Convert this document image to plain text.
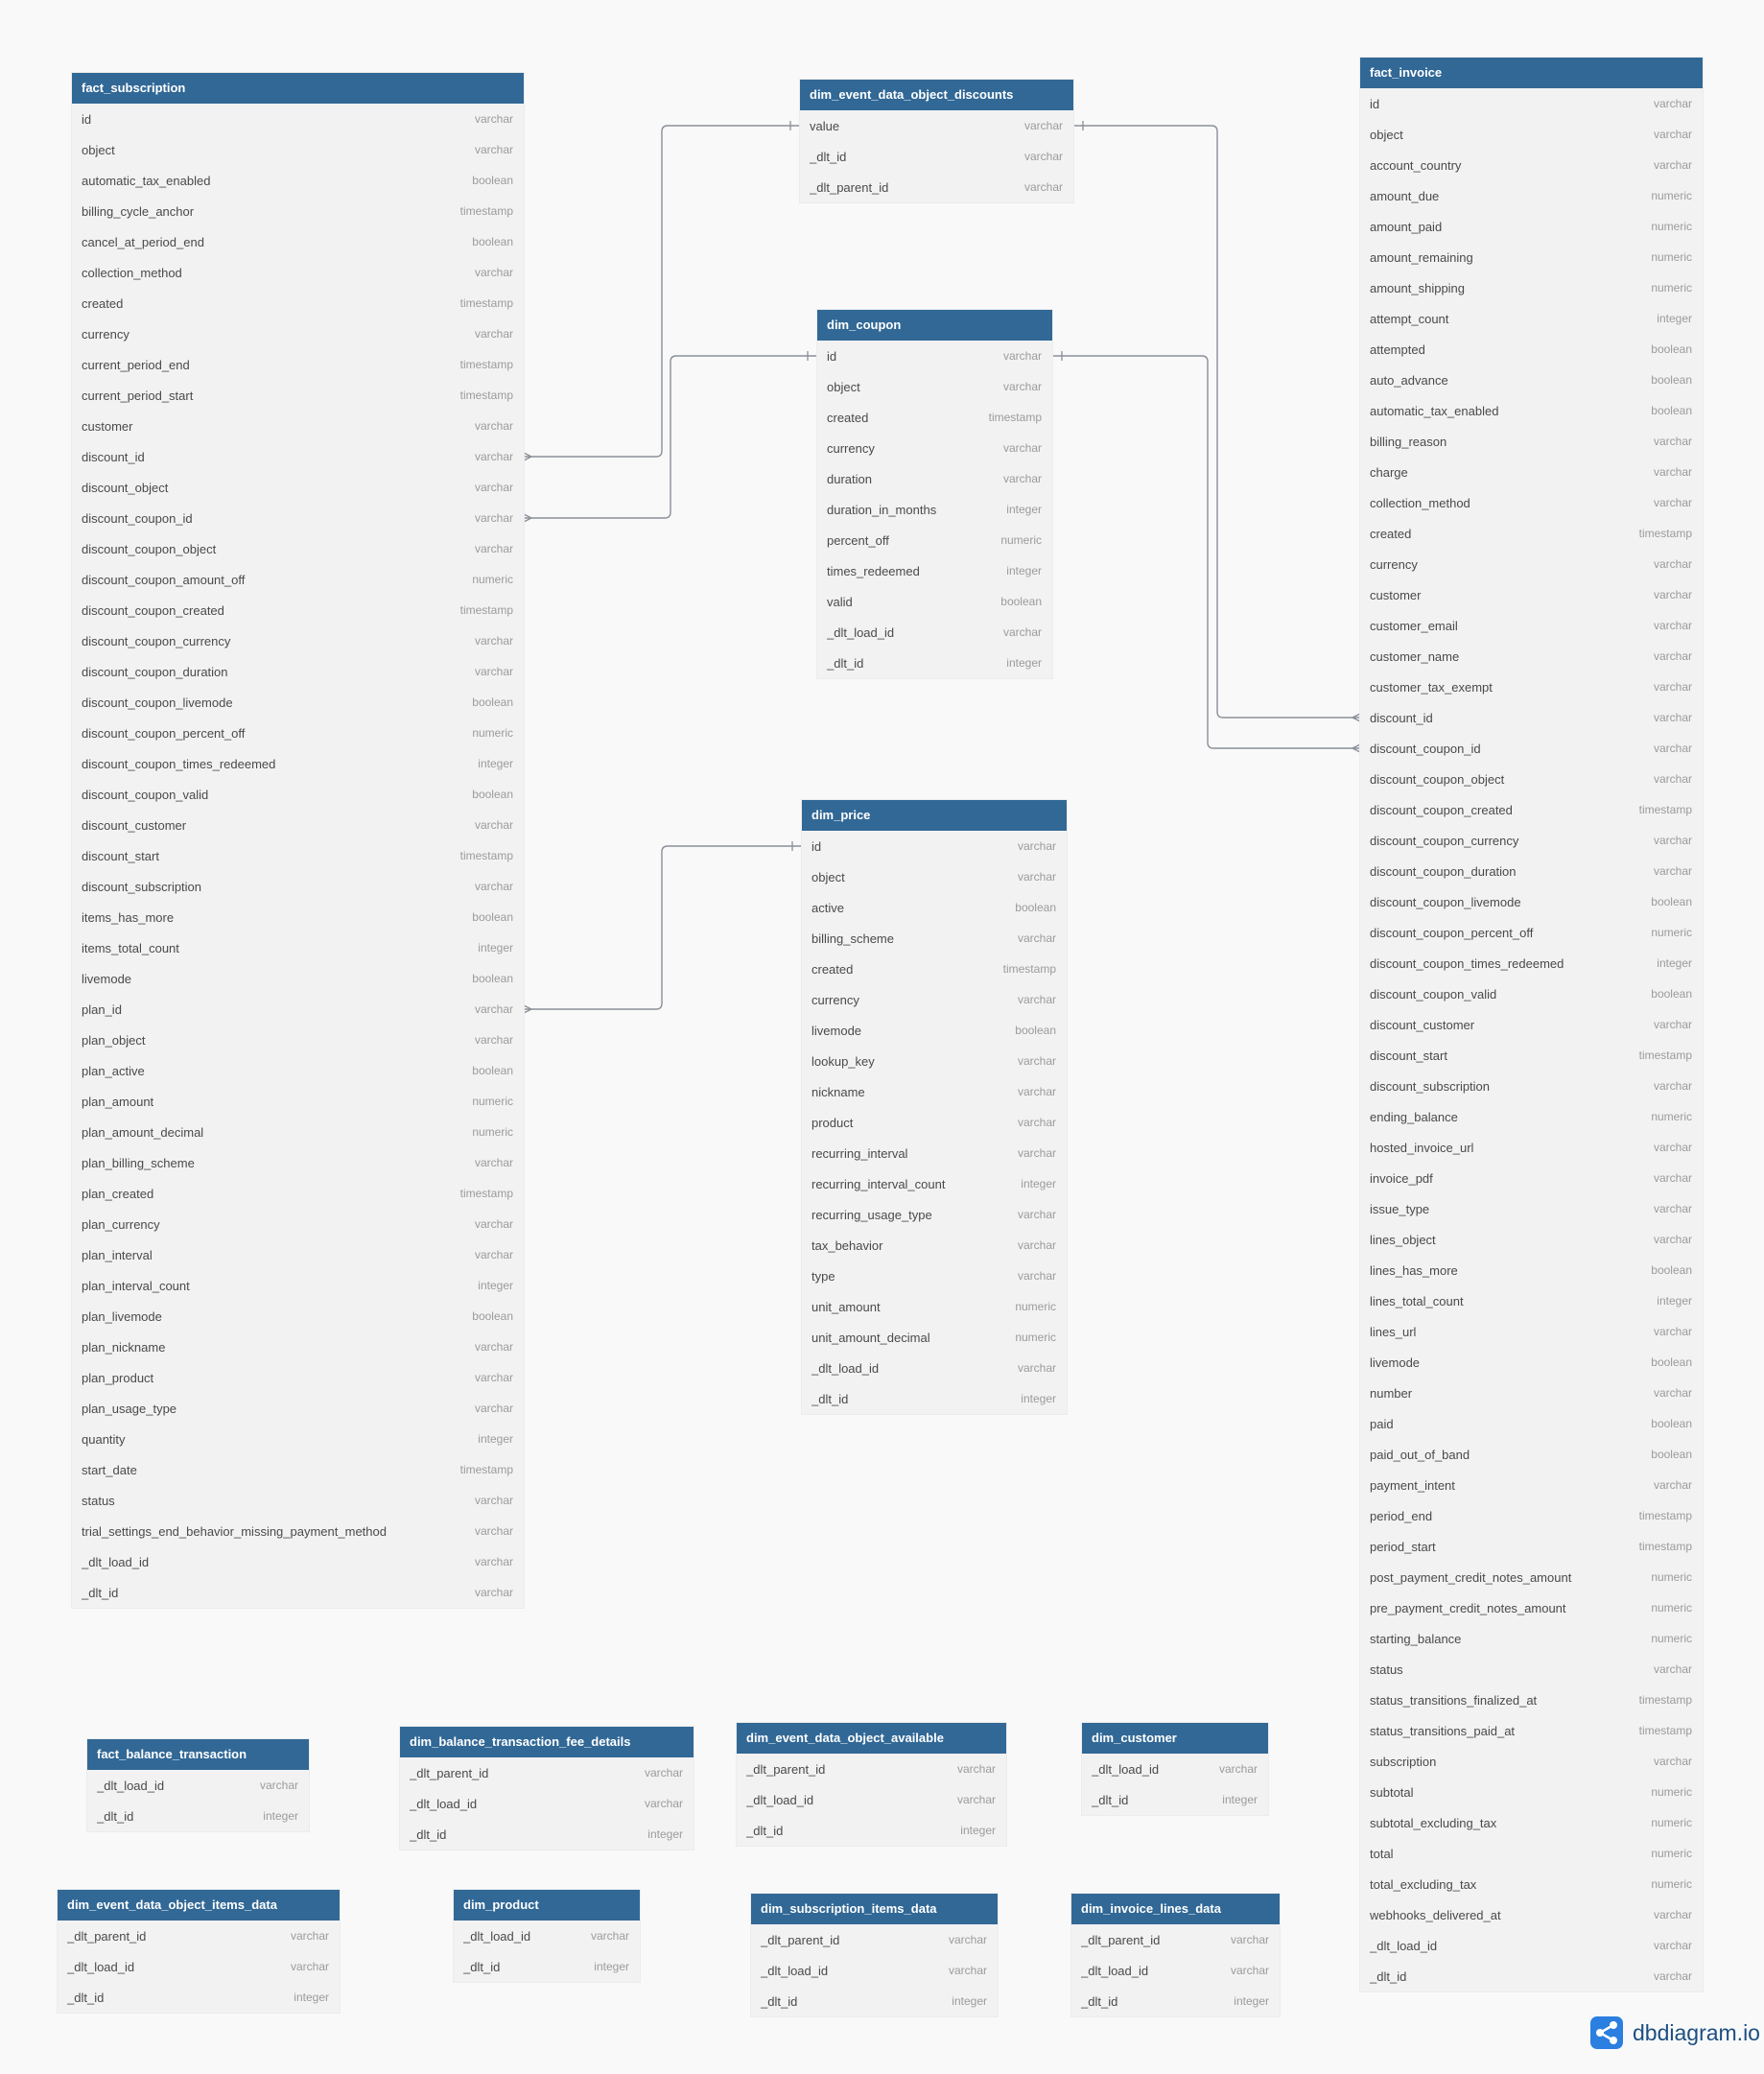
fact_subscription
id	varchar
object	varchar
automatic_tax_enabled	boolean
billing_cycle_anchor	timestamp
cancel_at_period_end	boolean
collection_method	varchar
created	timestamp
currency	varchar
current_period_end	timestamp
current_period_start	timestamp
customer	varchar
discount_id	varchar
discount_object	varchar
discount_coupon_id	varchar
discount_coupon_object	varchar
discount_coupon_amount_off	numeric
discount_coupon_created	timestamp
discount_coupon_currency	varchar
discount_coupon_duration	varchar
discount_coupon_livemode	boolean
discount_coupon_percent_off	numeric
discount_coupon_times_redeemed	integer
discount_coupon_valid	boolean
discount_customer	varchar
discount_start	timestamp
discount_subscription	varchar
items_has_more	boolean
items_total_count	integer
livemode	boolean
plan_id	varchar
plan_object	varchar
plan_active	boolean
plan_amount	numeric
plan_amount_decimal	numeric
plan_billing_scheme	varchar
plan_created	timestamp
plan_currency	varchar
plan_interval	varchar
plan_interval_count	integer
plan_livemode	boolean
plan_nickname	varchar
plan_product	varchar
plan_usage_type	varchar
quantity	integer
start_date	timestamp
status	varchar
trial_settings_end_behavior_missing_payment_method	varchar
_dlt_load_id	varchar
_dlt_id	varchar
dim_event_data_object_discounts
value	varchar
_dlt_id	varchar
_dlt_parent_id	varchar
dim_coupon
id	varchar
object	varchar
created	timestamp
currency	varchar
duration	varchar
duration_in_months	integer
percent_off	numeric
times_redeemed	integer
valid	boolean
_dlt_load_id	varchar
_dlt_id	integer
dim_price
id	varchar
object	varchar
active	boolean
billing_scheme	varchar
created	timestamp
currency	varchar
livemode	boolean
lookup_key	varchar
nickname	varchar
product	varchar
recurring_interval	varchar
recurring_interval_count	integer
recurring_usage_type	varchar
tax_behavior	varchar
type	varchar
unit_amount	numeric
unit_amount_decimal	numeric
_dlt_load_id	varchar
_dlt_id	integer
fact_invoice
id	varchar
object	varchar
account_country	varchar
amount_due	numeric
amount_paid	numeric
amount_remaining	numeric
amount_shipping	numeric
attempt_count	integer
attempted	boolean
auto_advance	boolean
automatic_tax_enabled	boolean
billing_reason	varchar
charge	varchar
collection_method	varchar
created	timestamp
currency	varchar
customer	varchar
customer_email	varchar
customer_name	varchar
customer_tax_exempt	varchar
discount_id	varchar
discount_coupon_id	varchar
discount_coupon_object	varchar
discount_coupon_created	timestamp
discount_coupon_currency	varchar
discount_coupon_duration	varchar
discount_coupon_livemode	boolean
discount_coupon_percent_off	numeric
discount_coupon_times_redeemed	integer
discount_coupon_valid	boolean
discount_customer	varchar
discount_start	timestamp
discount_subscription	varchar
ending_balance	numeric
hosted_invoice_url	varchar
invoice_pdf	varchar
issue_type	varchar
lines_object	varchar
lines_has_more	boolean
lines_total_count	integer
lines_url	varchar
livemode	boolean
number	varchar
paid	boolean
paid_out_of_band	boolean
payment_intent	varchar
period_end	timestamp
period_start	timestamp
post_payment_credit_notes_amount	numeric
pre_payment_credit_notes_amount	numeric
starting_balance	numeric
status	varchar
status_transitions_finalized_at	timestamp
status_transitions_paid_at	timestamp
subscription	varchar
subtotal	numeric
subtotal_excluding_tax	numeric
total	numeric
total_excluding_tax	numeric
webhooks_delivered_at	varchar
_dlt_load_id	varchar
_dlt_id	varchar
fact_balance_transaction
_dlt_load_id	varchar
_dlt_id	integer
dim_balance_transaction_fee_details
_dlt_parent_id	varchar
_dlt_load_id	varchar
_dlt_id	integer
dim_event_data_object_available
_dlt_parent_id	varchar
_dlt_load_id	varchar
_dlt_id	integer
dim_customer
_dlt_load_id	varchar
_dlt_id	integer
dim_event_data_object_items_data
_dlt_parent_id	varchar
_dlt_load_id	varchar
_dlt_id	integer
dim_product
_dlt_load_id	varchar
_dlt_id	integer
dim_subscription_items_data
_dlt_parent_id	varchar
_dlt_load_id	varchar
_dlt_id	integer
dim_invoice_lines_data
_dlt_parent_id	varchar
_dlt_load_id	varchar
_dlt_id	integer
dbdiagram.io
